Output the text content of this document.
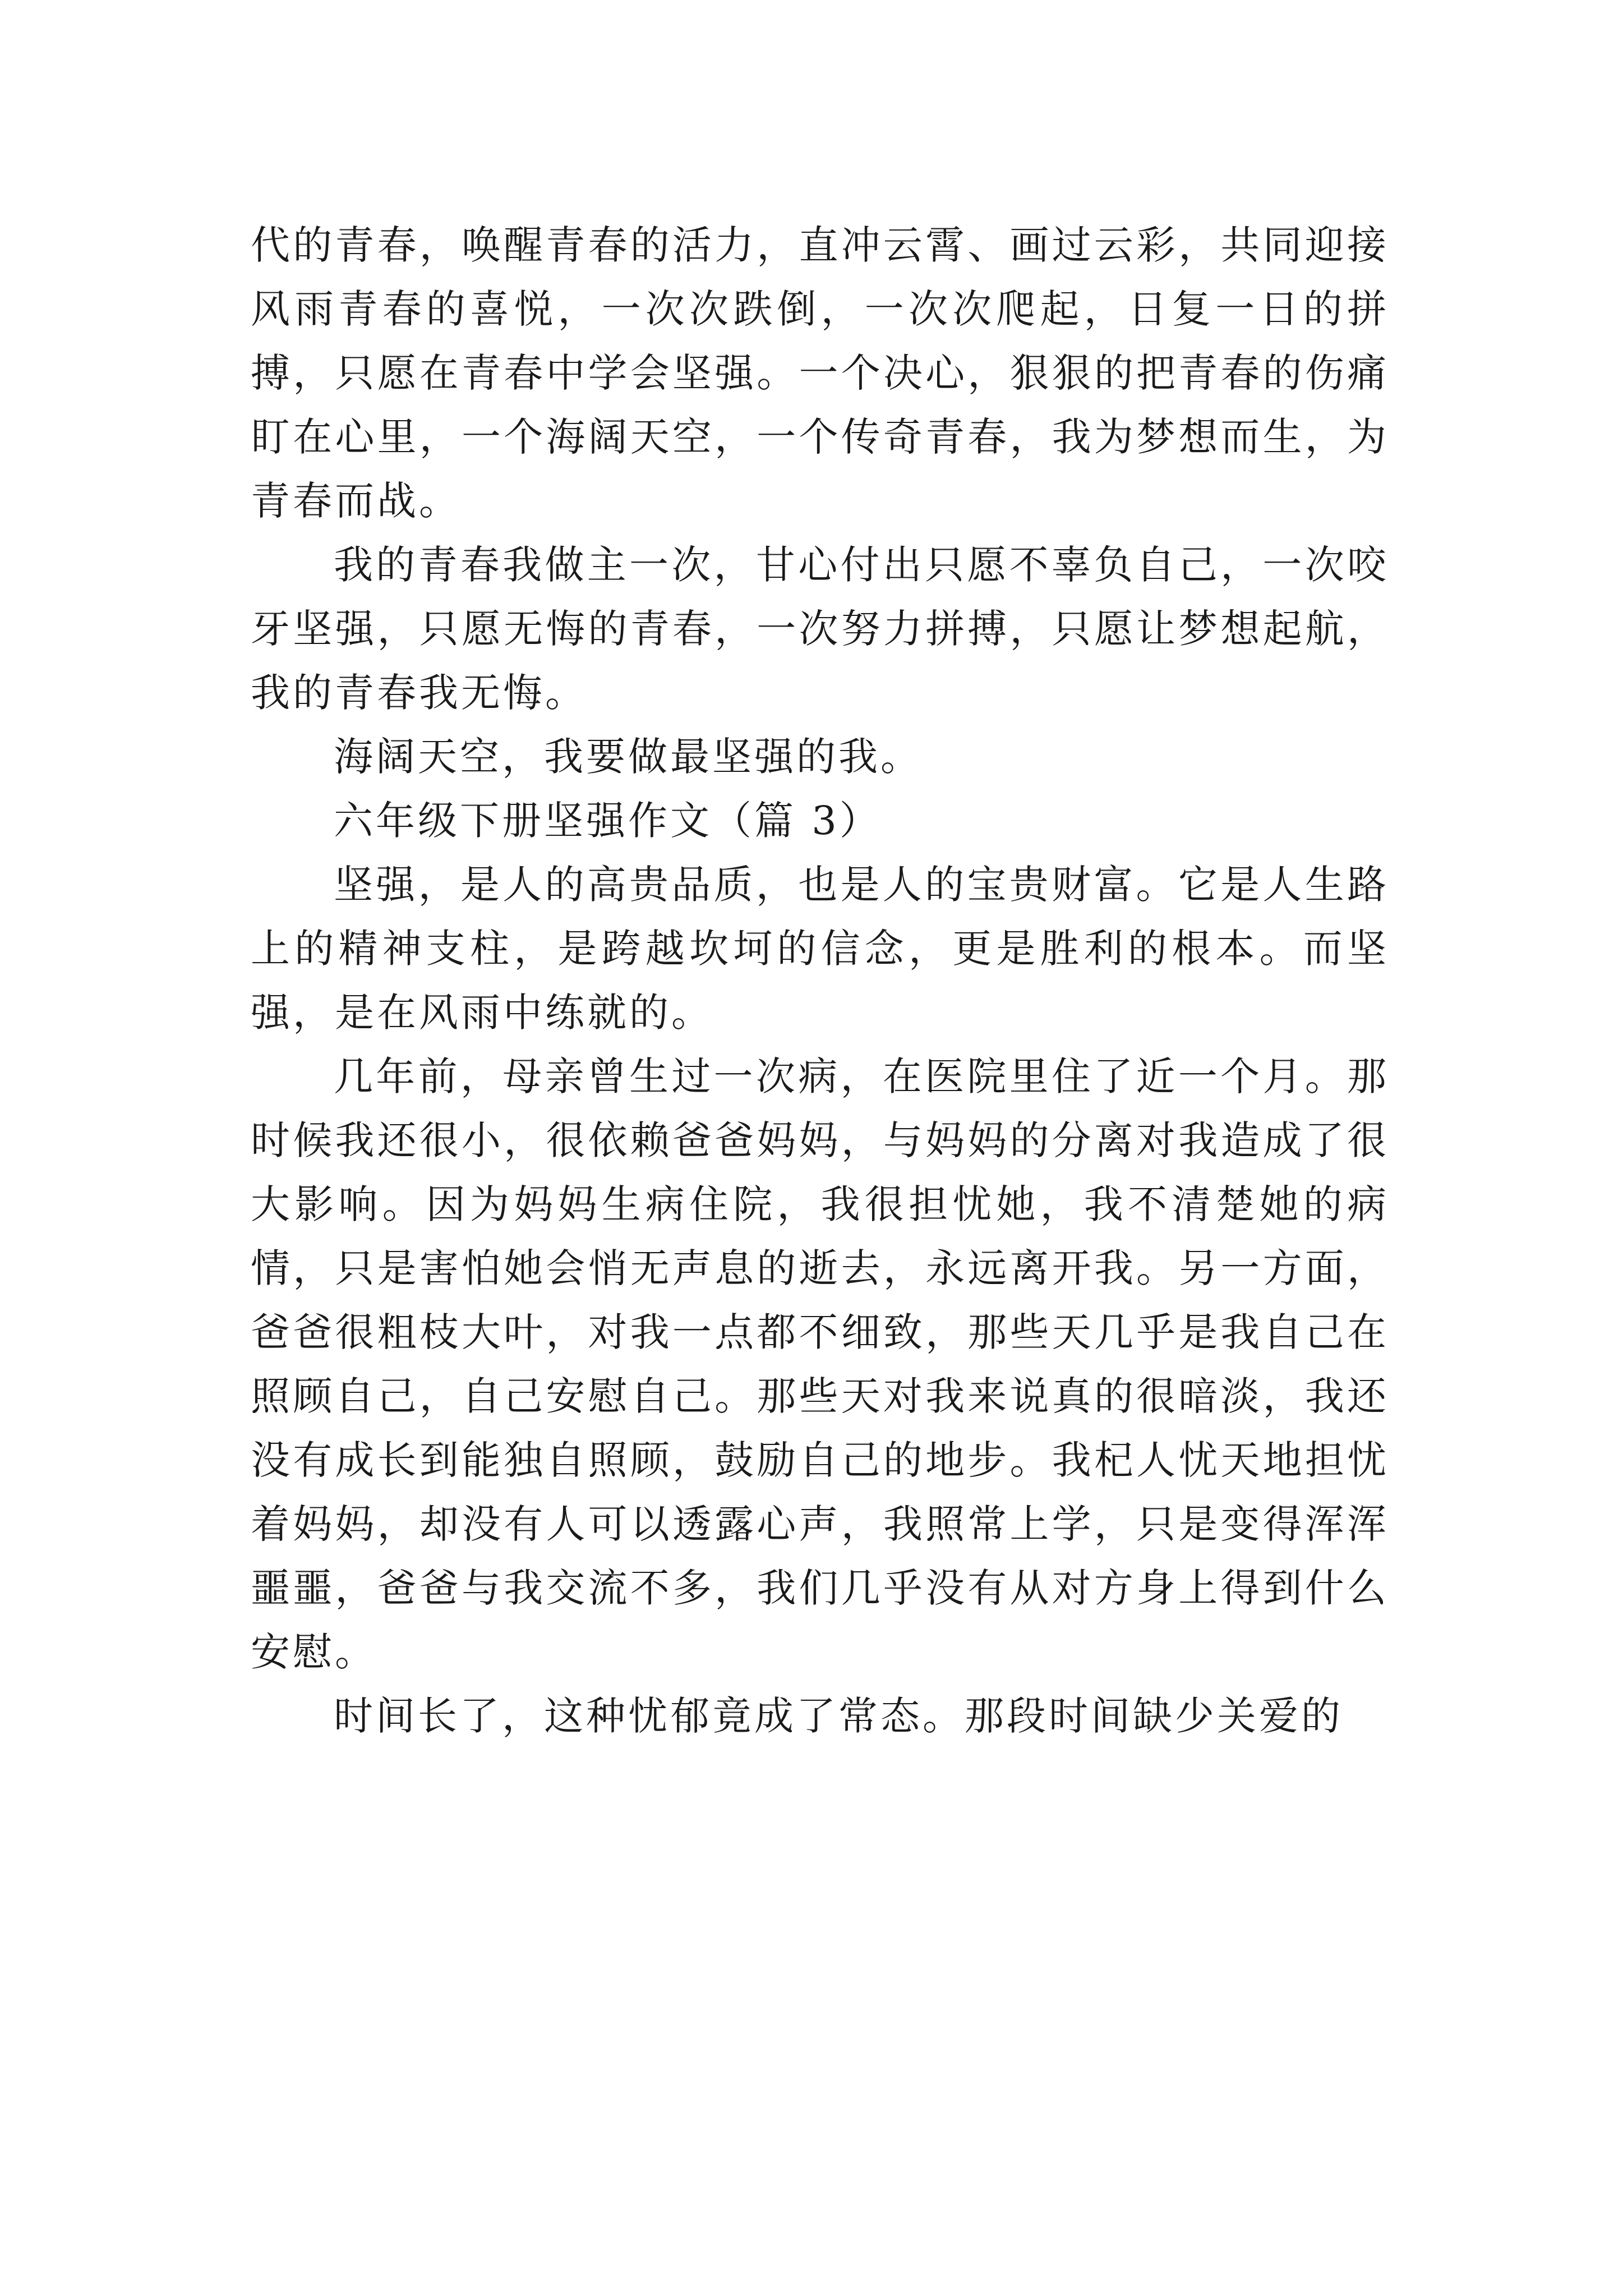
代的青春，唤醒青春的活力，直冲云霄、画过云彩，共同迎接风雨青春的喜悦，一次次跌倒，一次次爬起，日复一日的拼搏，只愿在青春中学会坚强。一个决心，狠狠的把青春的伤痛盯在心里，一个海阔天空，一个传奇青春，我为梦想而生，为青春而战。

我的青春我做主一次，甘心付出只愿不辜负自己，一次咬牙坚强，只愿无悔的青春，一次努力拼搏，只愿让梦想起航，我的青春我无悔。

海阔天空，我要做最坚强的我。

六年级下册坚强作文（篇 3）

坚强，是人的高贵品质，也是人的宝贵财富。它是人生路上的精神支柱，是跨越坎坷的信念，更是胜利的根本。而坚强，是在风雨中练就的。

几年前，母亲曾生过一次病，在医院里住了近一个月。那时候我还很小，很依赖爸爸妈妈，与妈妈的分离对我造成了很大影响。因为妈妈生病住院，我很担忧她，我不清楚她的病情，只是害怕她会悄无声息的逝去，永远离开我。另一方面，爸爸很粗枝大叶，对我一点都不细致，那些天几乎是我自己在照顾自己，自己安慰自己。那些天对我来说真的很暗淡，我还没有成长到能独自照顾，鼓励自己的地步。我杞人忧天地担忧着妈妈，却没有人可以透露心声，我照常上学，只是变得浑浑噩噩，爸爸与我交流不多，我们几乎没有从对方身上得到什么安慰。

时间长了，这种忧郁竟成了常态。那段时间缺少关爱的
